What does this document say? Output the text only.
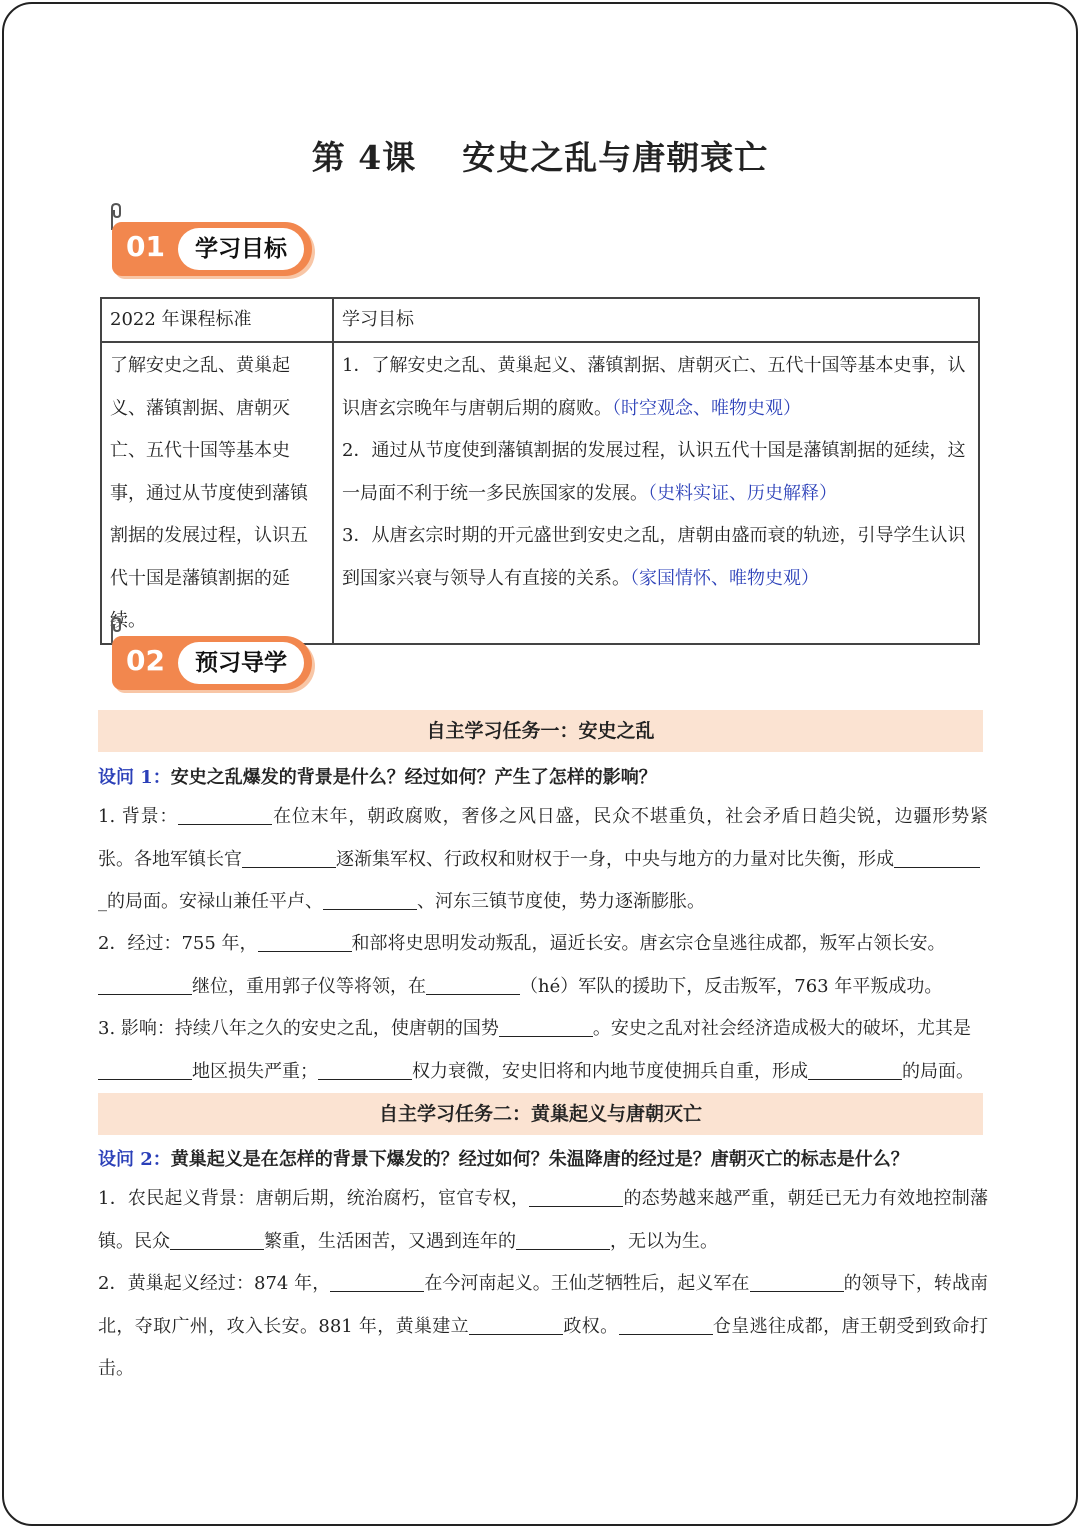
第 4课 安史之乱与唐朝衰亡
01	学习目标
2022 年课程标准	学习目标
了解安史之乱、黄巢起义、藩镇割据、唐朝灭亡、五代十国等基本史事，通过从节度使到藩镇割据的发展过程，认识五代十国是藩镇割据的延续。	1．了解安史之乱、黄巢起义、藩镇割据、唐朝灭亡、五代十国等基本史事，认识唐玄宗晚年与唐朝后期的腐败。（时空观念、唯物史观）
2．通过从节度使到藩镇割据的发展过程，认识五代十国是藩镇割据的延续，这一局面不利于统一多民族国家的发展。（史料实证、历史解释）
3．从唐玄宗时期的开元盛世到安史之乱，唐朝由盛而衰的轨迹，引导学生认识到国家兴衰与领导人有直接的关系。（家国情怀、唯物史观）
02	预习导学
自主学习任务一：安史之乱
设问 1：安史之乱爆发的背景是什么？经过如何？产生了怎样的影响？
1. 背景：	在位末年，朝政腐败，奢侈之风日盛，民众不堪重负，社会矛盾日趋尖锐，边疆形势紧张。各地军镇长官	逐渐集军权、行政权和财权于一身，中央与地方的力量对比失衡，形成
_的局面。安禄山兼任平卢、	、河东三镇节度使，势力逐渐膨胀。
2．经过：755 年，	和部将史思明发动叛乱，逼近长安。唐玄宗仓皇逃往成都，叛军占领长安。
继位，重用郭子仪等将领，在	（hé）军队的援助下，反击叛军，763 年平叛成功。
3. 影响：持续八年之久的安史之乱，使唐朝的国势	。安史之乱对社会经济造成极大的破坏，尤其是
地区损失严重；	权力衰微，安史旧将和内地节度使拥兵自重，形成	的局面。
自主学习任务二：黄巢起义与唐朝灭亡
设问 2：黄巢起义是在怎样的背景下爆发的？经过如何？朱温降唐的经过是？唐朝灭亡的标志是什么？
1．农民起义背景：唐朝后期，统治腐朽，宦官专权，	的态势越来越严重，朝廷已无力有效地控制藩镇。民众	繁重，生活困苦，又遇到连年的	，无以为生。
2．黄巢起义经过：874 年，	在今河南起义。王仙芝牺牲后，起义军在	的领导下，转战南北，夺取广州，攻入长安。881 年，黄巢建立	政权。	仓皇逃往成都，唐王朝受到致命打击。
